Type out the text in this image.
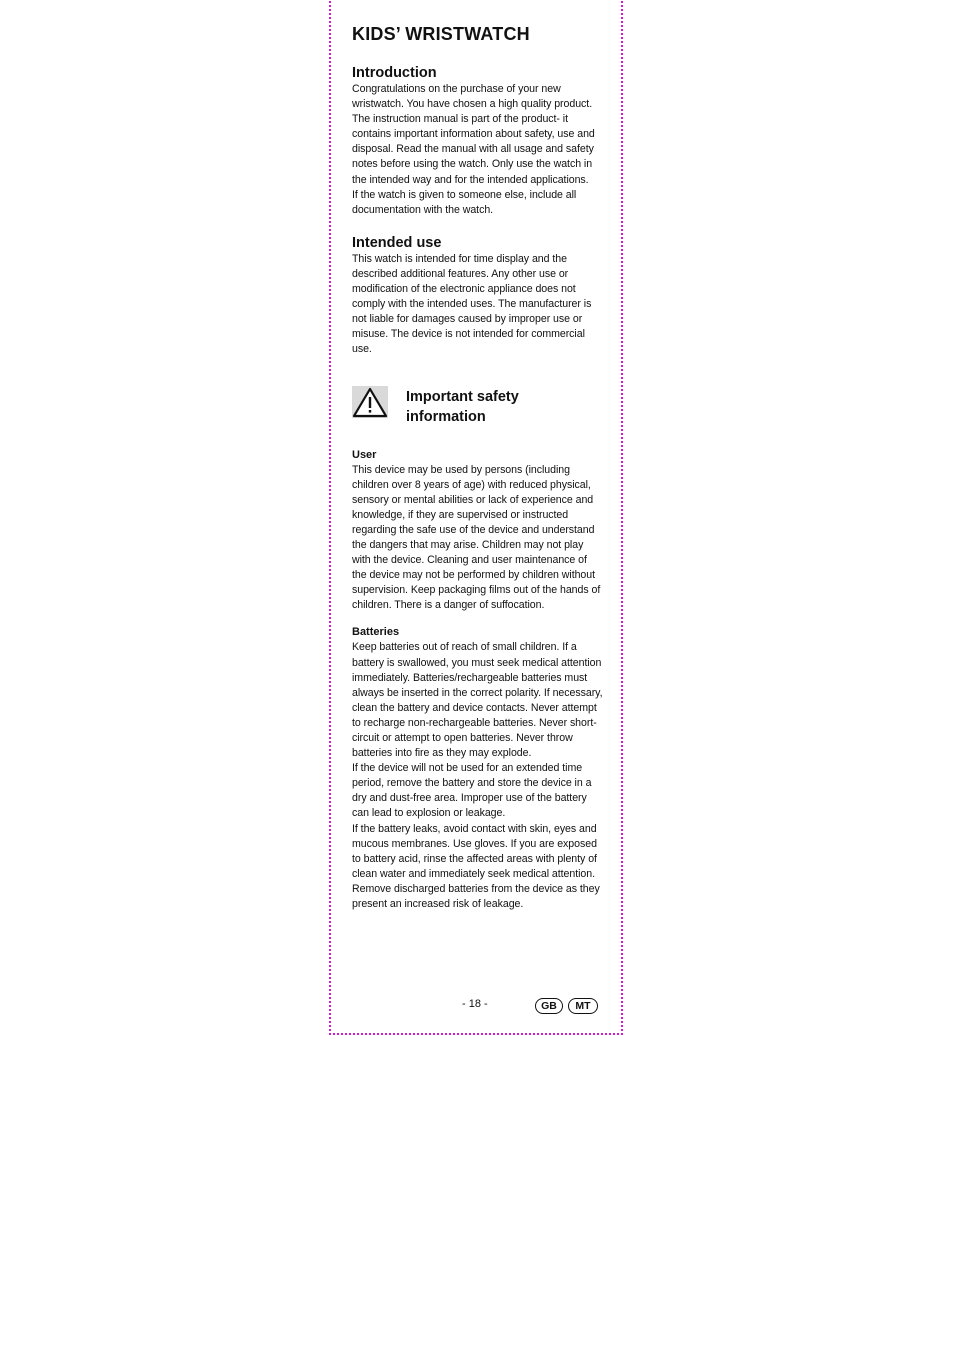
KIDS’ WRISTWATCH
Introduction

Congratulations on the purchase of your new wristwatch. You have chosen a high quality product. The instruction manual is part of the product- it contains important information about safety, use and disposal. Read the manual with all usage and safety notes before using the watch. Only use the watch in the intended way and for the intended applications.

If the watch is given to someone else, include all documentation with the watch.

Intended use

This watch is intended for time display and the described additional features. Any other use or modification of the electronic appliance does not comply with the intended uses. The manufacturer is not liable for damages caused by improper use or misuse. The device is not intended for commercial use.

Important safety information
User

This device may be used by persons (including children over 8 years of age) with reduced physical, sensory or mental abilities or lack of experience and knowledge, if they are supervised or instructed regarding the safe use of the device and understand the dangers that may arise. Children may not play with the device. Cleaning and user maintenance of the device may not be performed by children without supervision. Keep packaging films out of the hands of children. There is a danger of suffocation.

Batteries

Keep batteries out of reach of small children. If a battery is swallowed, you must seek medical attention immediately. Batteries/rechargeable batteries must always be inserted in the correct polarity. If necessary, clean the battery and device contacts. Never attempt to recharge non-rechargeable batteries. Never short-circuit or attempt to open batteries. Never throw batteries into fire as they may explode.

If the device will not be used for an extended time period, remove the battery and store the device in a dry and dust-free area. Improper use of the battery can lead to explosion or leakage.

If the battery leaks, avoid contact with skin, eyes and mucous membranes. Use gloves. If you are exposed to battery acid, rinse the affected areas with plenty of clean water and immediately seek medical attention. Remove discharged batteries from the device as they present an increased risk of leakage.

- 18 -	GB	MT
